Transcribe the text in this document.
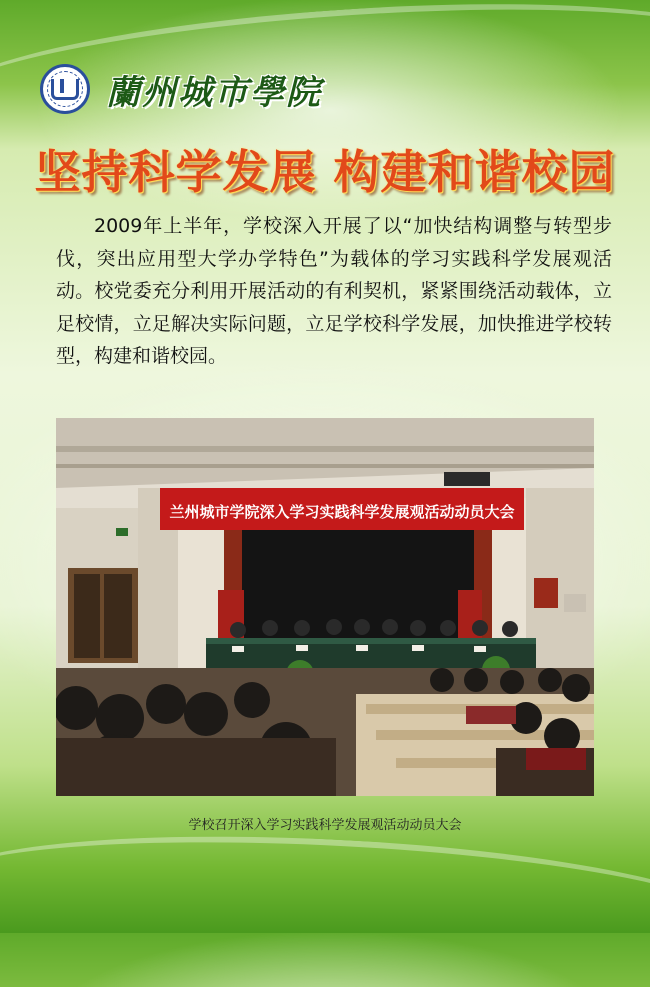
蘭州城市學院
坚持科学发展 构建和谐校园

2009年上半年，学校深入开展了以“加快结构调整与转型步伐，突出应用型大学办学特色”为载体的学习实践科学发展观活动。校党委充分利用开展活动的有利契机，紧紧围绕活动载体，立足校情，立足解决实际问题，立足学校科学发展，加快推进学校转型，构建和谐校园。

兰州城市学院深入学习实践科学发展观活动动员大会
学校召开深入学习实践科学发展观活动动员大会
